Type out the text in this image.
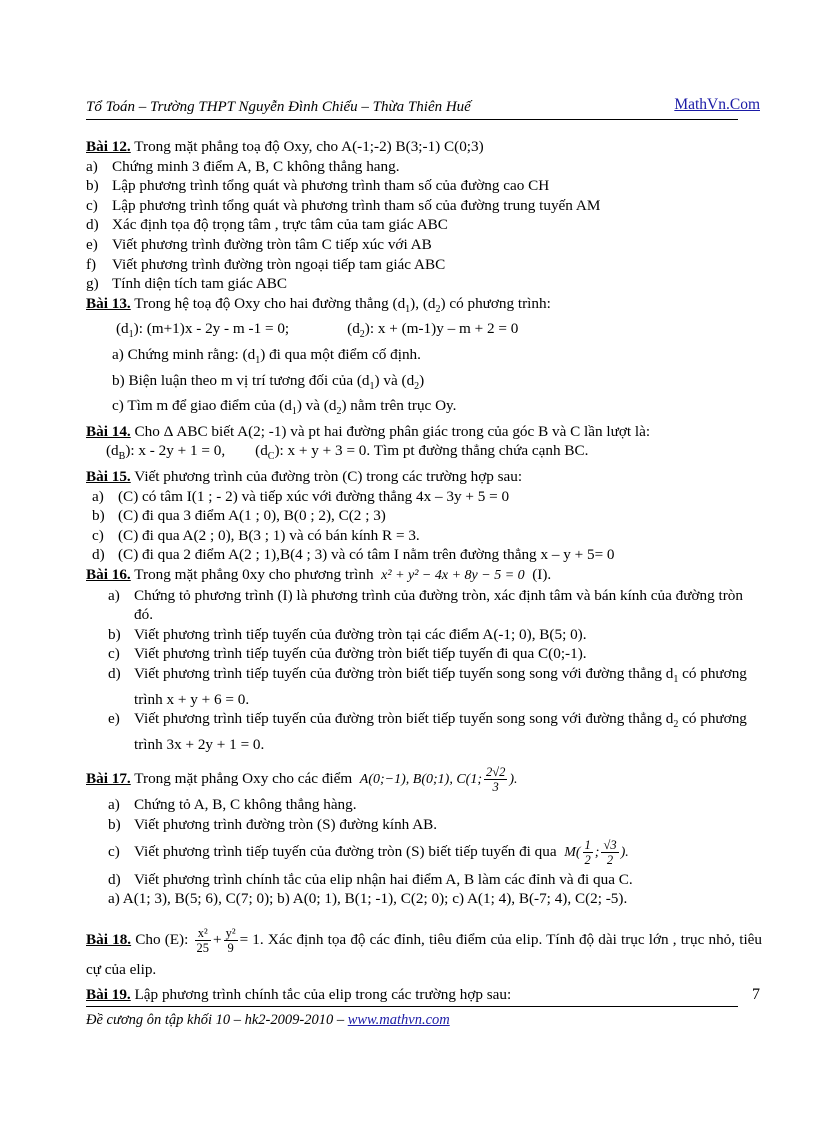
Tổ Toán – Trường THPT Nguyễn Đình Chiểu – Thừa Thiên Huế	MathVn.Com
Bài 12. Trong mặt phẳng toạ độ Oxy, cho A(-1;-2) B(3;-1) C(0;3)
a) Chứng minh 3 điểm A, B, C không thẳng hang.
b) Lập phương trình tổng quát và phương trình tham số của đường cao CH
c) Lập phương trình tổng quát và phương trình tham số của đường trung tuyến AM
d) Xác định tọa độ trọng tâm , trực tâm của tam giác ABC
e) Viết phương trình đường tròn tâm C tiếp xúc với AB
f)	Viết phương trình đường tròn ngoại tiếp tam giác ABC
g) Tính diện tích tam giác ABC
Bài 13. Trong hệ toạ độ Oxy cho hai đường thẳng $(d_1)$, $(d_2)$ có phương trình:
$(d_1)$: (m+1)x - 2y - m -1 = 0;	$(d_2)$: x + (m-1)y – m + 2 = 0
a) Chứng minh rằng: $(d_1)$ đi qua một điểm cố định.
b) Biện luận theo m vị trí tương đối của $(d_1)$ và $(d_2)$
c) Tìm m để giao điểm của $(d_1)$ và $(d_2)$ nằm trên trục Oy.
Bài 14. Cho Δ ABC biết A(2; -1) và pt hai đường phân giác trong của góc B và C lần lượt là:
$(d_B)$: x - 2y + 1 = 0, $(d_C)$: x + y + 3 = 0. Tìm pt đường thẳng chứa cạnh BC.
Bài 15. Viết phương trình của đường tròn (C) trong các trường hợp sau:
a) (C) có tâm I(1 ; - 2) và tiếp xúc với đường thẳng 4x – 3y + 5 = 0
b) (C) đi qua 3 điểm A(1 ; 0), B(0 ; 2), C(2 ; 3)
c) (C) đi qua A(2 ; 0), B(3 ; 1) và có bán kính R = 3.
d) (C) đi qua 2 điểm A(2 ; 1),B(4 ; 3) và có tâm I nằm trên đường thẳng x – y + 5= 0
Bài 16. Trong mặt phẳng 0xy cho phương trình x² + y² − 4x + 8y − 5 = 0 (I).
a) Chứng tỏ phương trình (I) là phương trình của đường tròn, xác định tâm và bán kính của đường tròn đó.
b) Viết phương trình tiếp tuyến của đường tròn tại các điểm A(-1; 0), B(5; 0).
c) Viết phương trình tiếp tuyến của đường tròn biết tiếp tuyến đi qua C(0;-1).
d) Viết phương trình tiếp tuyến của đường tròn biết tiếp tuyến song song với đường thẳng $d_1$ có phương trình x + y + 6 = 0.
e) Viết phương trình tiếp tuyến của đường tròn biết tiếp tuyến song song với đường thẳng $d_2$ có phương trình 3x + 2y + 1 = 0.
Bài 17. Trong mặt phẳng Oxy cho các điểm A(0;−1), B(0;1), C(1; $\frac{2√2}{3}$ ).
a) Chứng tỏ A, B, C không thẳng hàng.
b) Viết phương trình đường tròn (S) đường kính AB.
c) Viết phương trình tiếp tuyến của đường tròn (S) biết tiếp tuyến đi qua $M( \frac{1}{2}$ ; $\frac{√3}{2}$ ).
d) Viết phương trình chính tắc của elip nhận hai điểm A, B làm các đỉnh và đi qua C.
a) A(1; 3), B(5; 6), C(7; 0); b) A(0; 1), B(1; -1), C(2; 0); c) A(1; 4), B(-7; 4), C(2; -5).
Bài 18. Cho (E): $\frac{\text{x²}}{25} + \frac{\text{y²}}{9} = 1$. Xác định tọa độ các đỉnh, tiêu điểm của elip. Tính độ dài trục lớn , trục nhỏ, tiêu cự của elip.
Bài 19. Lập phương trình chính tắc của elip trong các trường hợp sau:	7
Đề cương ôn tập khối 10 – hk2-2009-2010 – www.mathvn.com
